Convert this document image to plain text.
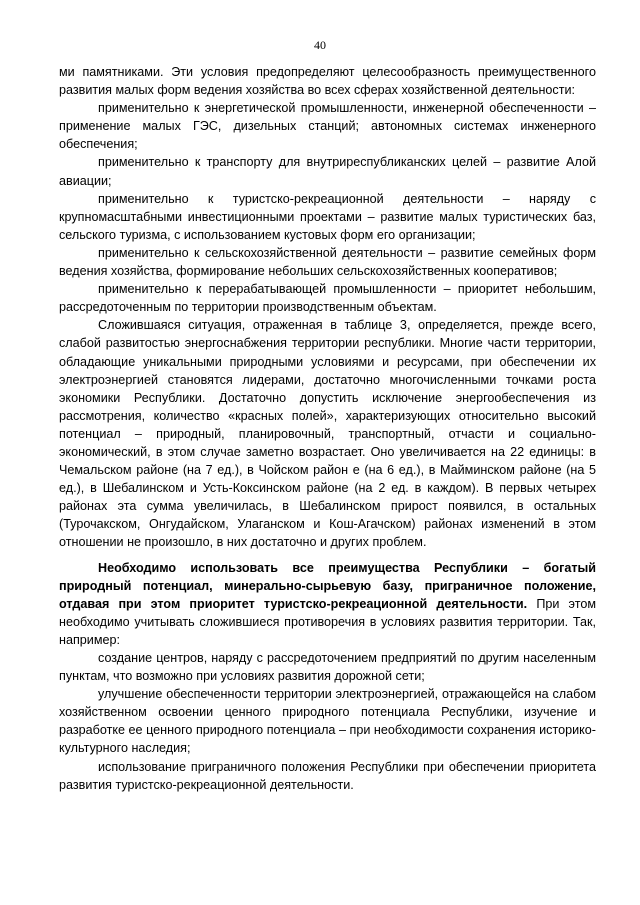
40

ми памятниками. Эти условия предопределяют целесообразность преимущественного развития малых форм ведения хозяйства во всех сферах хозяйственной деятельности:

применительно к энергетической промышленности, инженерной обеспеченности – применение малых ГЭС, дизельных станций; автономных системах инженерного обеспечения;

применительно к транспорту для внутриреспубликанских целей – развитие Алой авиации;

применительно к туристско-рекреационной деятельности – наряду с крупномасштабными инвестиционными проектами – развитие малых туристических баз, сельского туризма, с использованием кустовых форм его организации;

применительно к сельскохозяйственной деятельности – развитие семейных форм ведения хозяйства, формирование небольших сельскохозяйственных кооперативов;

применительно к перерабатывающей промышленности – приоритет небольшим, рассредоточенным по территории производственным объектам.

Сложившаяся ситуация, отраженная в таблице 3, определяется, прежде всего, слабой развитостью энергоснабжения территории республики. Многие части территории, обладающие уникальными природными условиями и ресурсами, при обеспечении их электроэнергией становятся лидерами, достаточно многочисленными точками роста экономики Республики. Достаточно допустить исключение энергообеспечения из рассмотрения, количество «красных полей», характеризующих относительно высокий потенциал – природный, планировочный, транспортный, отчасти и социально-экономический, в этом случае заметно возрастает. Оно увеличивается на 22 единицы: в Чемальском районе (на 7 ед.), в Чойском район е (на 6 ед.), в Майминском районе (на 5 ед.), в Шебалинском и Усть-Коксинском районе (на 2 ед. в каждом). В первых четырех районах эта сумма увеличилась, в Шебалинском прирост появился, в остальных (Турочакском, Онгудайском, Улаганском и Кош-Агачском) районах изменений в этом отношении не произошло, в них достаточно и других проблем.

Необходимо использовать все преимущества Республики – богатый природный потенциал, минерально-сырьевую базу, приграничное положение, отдавая при этом приоритет туристско-рекреационной деятельности. При этом необходимо учитывать сложившиеся противоречия в условиях развития территории. Так, например:

создание центров, наряду с рассредоточением предприятий по другим населенным пунктам, что возможно при условиях развития дорожной сети;

улучшение обеспеченности территории электроэнергией, отражающейся на слабом хозяйственном освоении ценного природного потенциала Республики, изучение и разработке ее ценного природного потенциала – при необходимости сохранения историко-культурного наследия;

использование приграничного положения Республики при обеспечении приоритета развития туристско-рекреационной деятельности.
